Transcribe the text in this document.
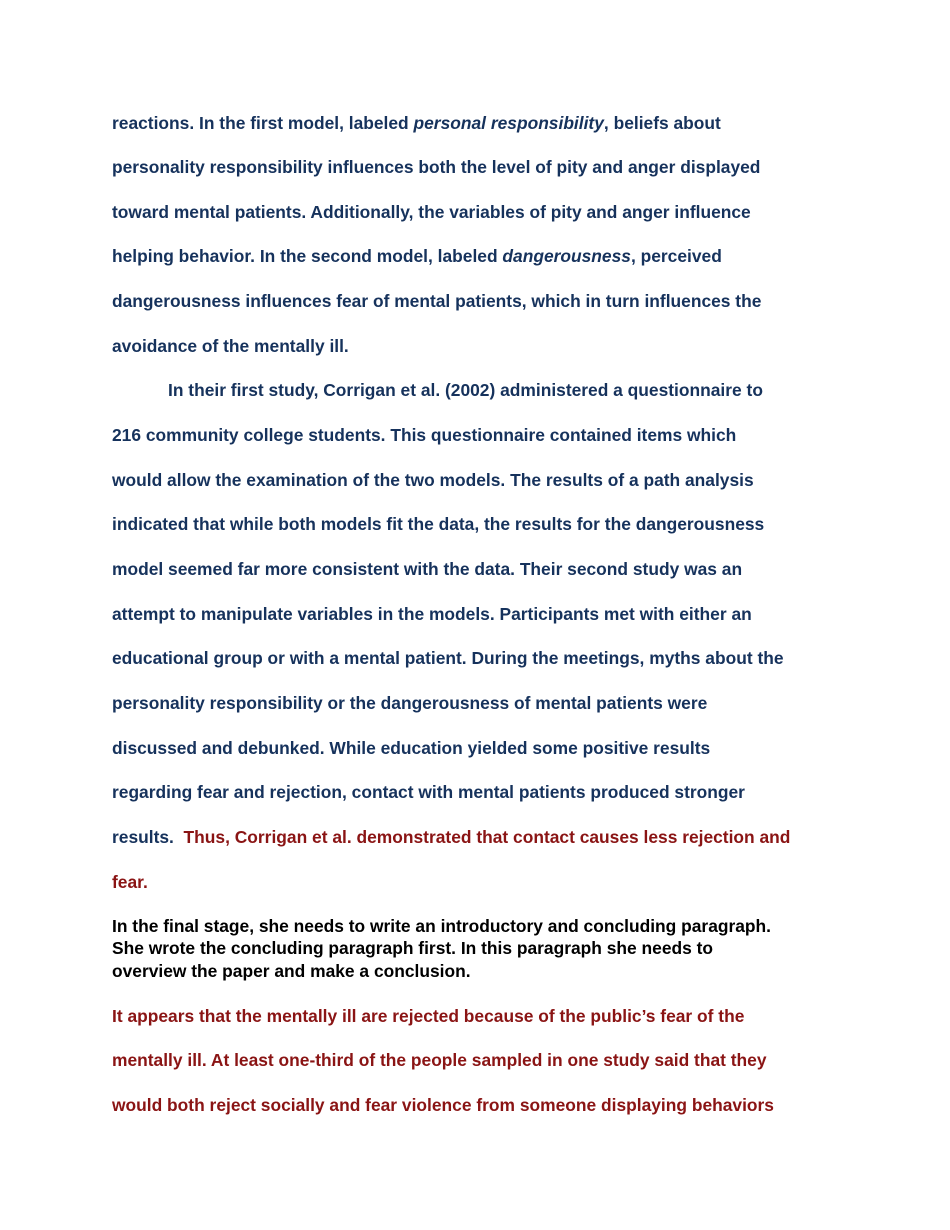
reactions. In the first model, labeled personal responsibility, beliefs about
personality responsibility influences both the level of pity and anger displayed
toward mental patients. Additionally, the variables of pity and anger influence
helping behavior. In the second model, labeled dangerousness, perceived
dangerousness influences fear of mental patients, which in turn influences the
avoidance of the mentally ill.
In their first study, Corrigan et al. (2002) administered a questionnaire to
216 community college students. This questionnaire contained items which
would allow the examination of the two models. The results of a path analysis
indicated that while both models fit the data, the results for the dangerousness
model seemed far more consistent with the data. Their second study was an
attempt to manipulate variables in the models. Participants met with either an
educational group or with a mental patient. During the meetings, myths about the
personality responsibility or the dangerousness of mental patients were
discussed and debunked. While education yielded some positive results
regarding fear and rejection, contact with mental patients produced stronger
results.  Thus, Corrigan et al. demonstrated that contact causes less rejection and
fear.
In the final stage, she needs to write an introductory and concluding paragraph.
She wrote the concluding paragraph first. In this paragraph she needs to
overview the paper and make a conclusion.
It appears that the mentally ill are rejected because of the public’s fear of the
mentally ill. At least one-third of the people sampled in one study said that they
would both reject socially and fear violence from someone displaying behaviors
